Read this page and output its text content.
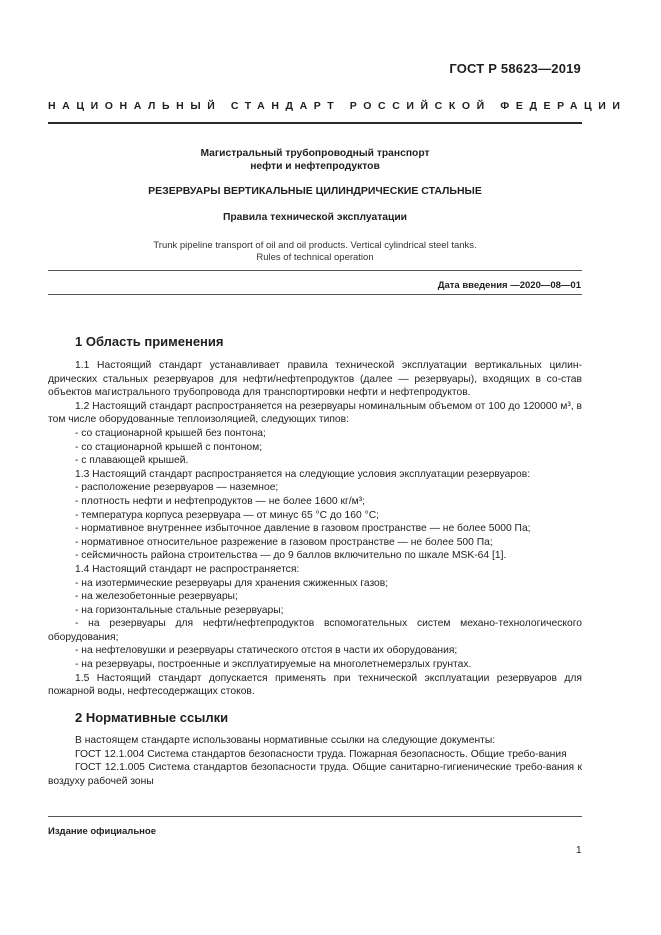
ГОСТ Р 58623—2019
НАЦИОНАЛЬНЫЙ СТАНДАРТ РОССИЙСКОЙ ФЕДЕРАЦИИ
Магистральный трубопроводный транспорт
нефти и нефтепродуктов
РЕЗЕРВУАРЫ ВЕРТИКАЛЬНЫЕ ЦИЛИНДРИЧЕСКИЕ СТАЛЬНЫЕ
Правила технической эксплуатации
Trunk pipeline transport of oil and oil products. Vertical cylindrical steel tanks.
Rules of technical operation
Дата введения —2020—08—01
1 Область применения

1.1 Настоящий стандарт устанавливает правила технической эксплуатации вертикальных цилин-дрических стальных резервуаров для нефти/нефтепродуктов (далее — резервуары), входящих в со-став объектов магистрального трубопровода для транспортировки нефти и нефтепродуктов.

1.2 Настоящий стандарт распространяется на резервуары номинальным объемом от 100 до 120000 м³, в том числе оборудованные теплоизоляцией, следующих типов:

- со стационарной крышей без понтона;

- со стационарной крышей с понтоном;

- с плавающей крышей.

1.3 Настоящий стандарт распространяется на следующие условия эксплуатации резервуаров:

- расположение резервуаров — наземное;

- плотность нефти и нефтепродуктов — не более 1600 кг/м³;

- температура корпуса резервуара — от минус 65 °С до 160 °С;

- нормативное внутреннее избыточное давление в газовом пространстве — не более 5000 Па;

- нормативное относительное разрежение в газовом пространстве — не более 500 Па;

- сейсмичность района строительства — до 9 баллов включительно по шкале MSK-64 [1].

1.4 Настоящий стандарт не распространяется:

- на изотермические резервуары для хранения сжиженных газов;

- на железобетонные резервуары;

- на горизонтальные стальные резервуары;

- на резервуары для нефти/нефтепродуктов вспомогательных систем механо-технологического оборудования;

- на нефтеловушки и резервуары статического отстоя в части их оборудования;

- на резервуары, построенные и эксплуатируемые на многолетнемерзлых грунтах.

1.5 Настоящий стандарт допускается применять при технической эксплуатации резервуаров для пожарной воды, нефтесодержащих стоков.

2 Нормативные ссылки

В настоящем стандарте использованы нормативные ссылки на следующие документы:

ГОСТ 12.1.004 Система стандартов безопасности труда. Пожарная безопасность. Общие требо-вания

ГОСТ 12.1.005 Система стандартов безопасности труда. Общие санитарно-гигиенические требо-вания к воздуху рабочей зоны

Издание официальное
1
